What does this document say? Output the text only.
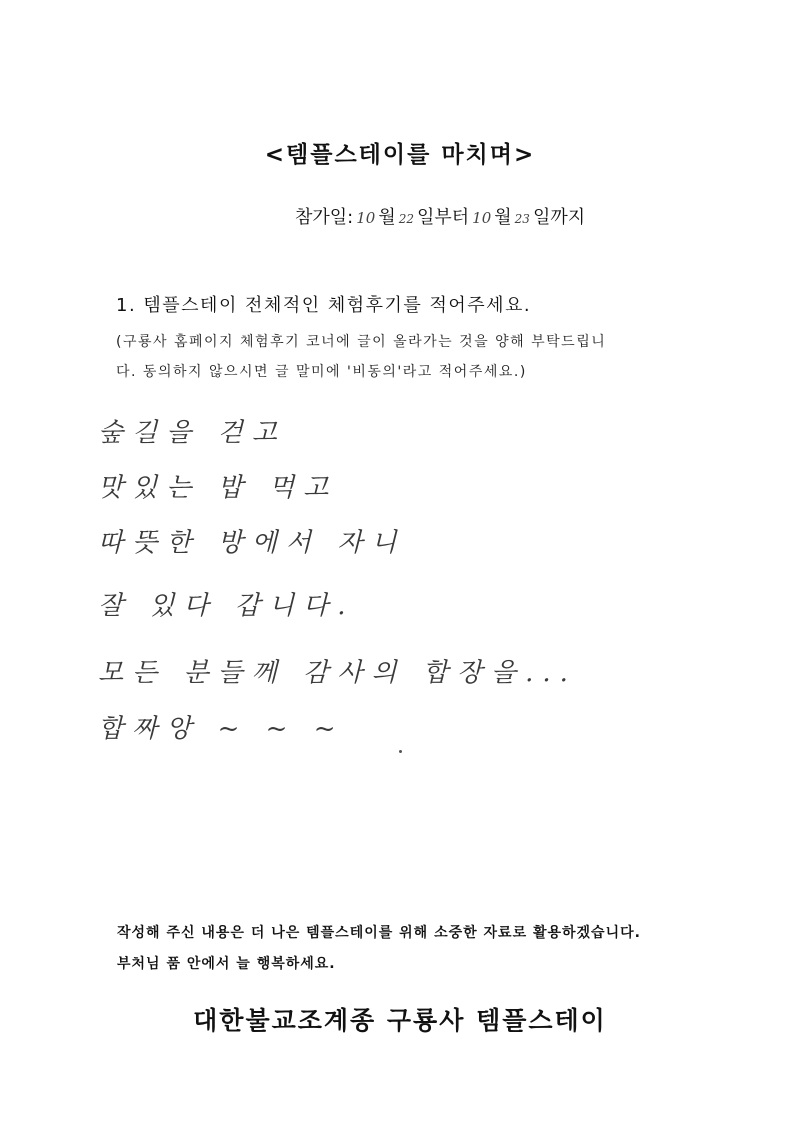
<템플스테이를 마치며>
참가일: 10 월 22 일부터 10 월 23 일까지
1. 템플스테이 전체적인 체험후기를 적어주세요.
(구룡사 홈페이지 체험후기 코너에 글이 올라가는 것을 양해 부탁드립니
다. 동의하지 않으시면 글 말미에 '비동의'라고 적어주세요.)
숲길을 걷고
맛있는 밥 먹고
따뜻한 방에서 자니
잘 있다 갑니다.
모든 분들께 감사의 합장을...
합짜앙 ~ ~ ~
작성해 주신 내용은 더 나은 템플스테이를 위해 소중한 자료로 활용하겠습니다.
부처님 품 안에서 늘 행복하세요.
대한불교조계종 구룡사 템플스테이
